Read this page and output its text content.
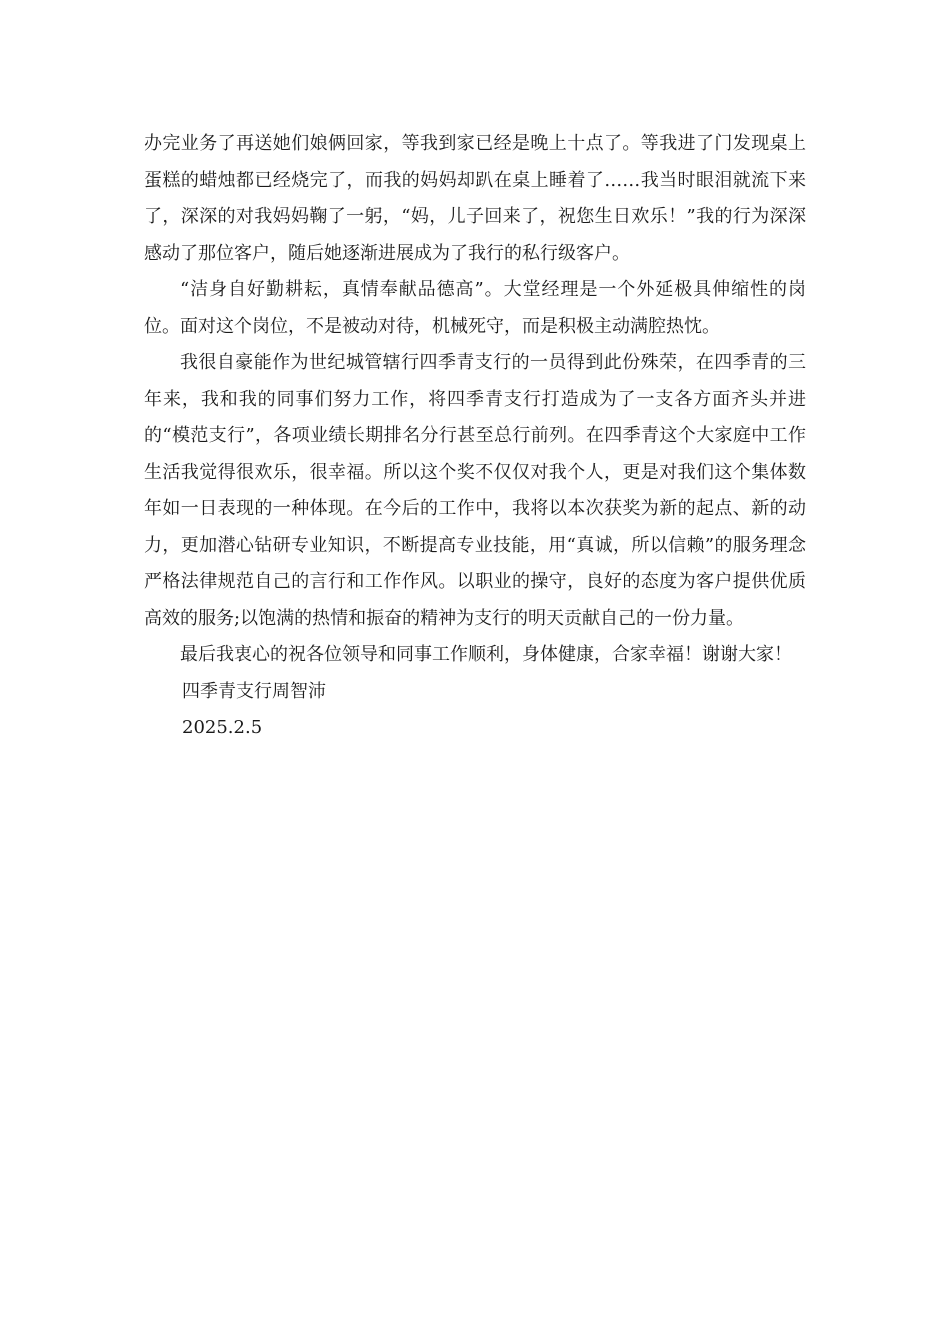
办完业务了再送她们娘俩回家，等我到家已经是晚上十点了。等我进了门发现桌上蛋糕的蜡烛都已经烧完了，而我的妈妈却趴在桌上睡着了……我当时眼泪就流下来了，深深的对我妈妈鞠了一躬，“妈，儿子回来了，祝您生日欢乐！”我的行为深深感动了那位客户，随后她逐渐进展成为了我行的私行级客户。

“洁身自好勤耕耘，真情奉献品德高”。大堂经理是一个外延极具伸缩性的岗位。面对这个岗位，不是被动对待，机械死守，而是积极主动满腔热忱。

我很自豪能作为世纪城管辖行四季青支行的一员得到此份殊荣，在四季青的三年来，我和我的同事们努力工作，将四季青支行打造成为了一支各方面齐头并进的“模范支行”，各项业绩长期排名分行甚至总行前列。在四季青这个大家庭中工作生活我觉得很欢乐，很幸福。所以这个奖不仅仅对我个人，更是对我们这个集体数年如一日表现的一种体现。在今后的工作中，我将以本次获奖为新的起点、新的动力，更加潜心钻研专业知识，不断提高专业技能，用“真诚，所以信赖”的服务理念严格法律规范自己的言行和工作作风。以职业的操守，良好的态度为客户提供优质高效的服务;以饱满的热情和振奋的精神为支行的明天贡献自己的一份力量。

最后我衷心的祝各位领导和同事工作顺利，身体健康，合家幸福！谢谢大家！

四季青支行周智沛

2025.2.5
